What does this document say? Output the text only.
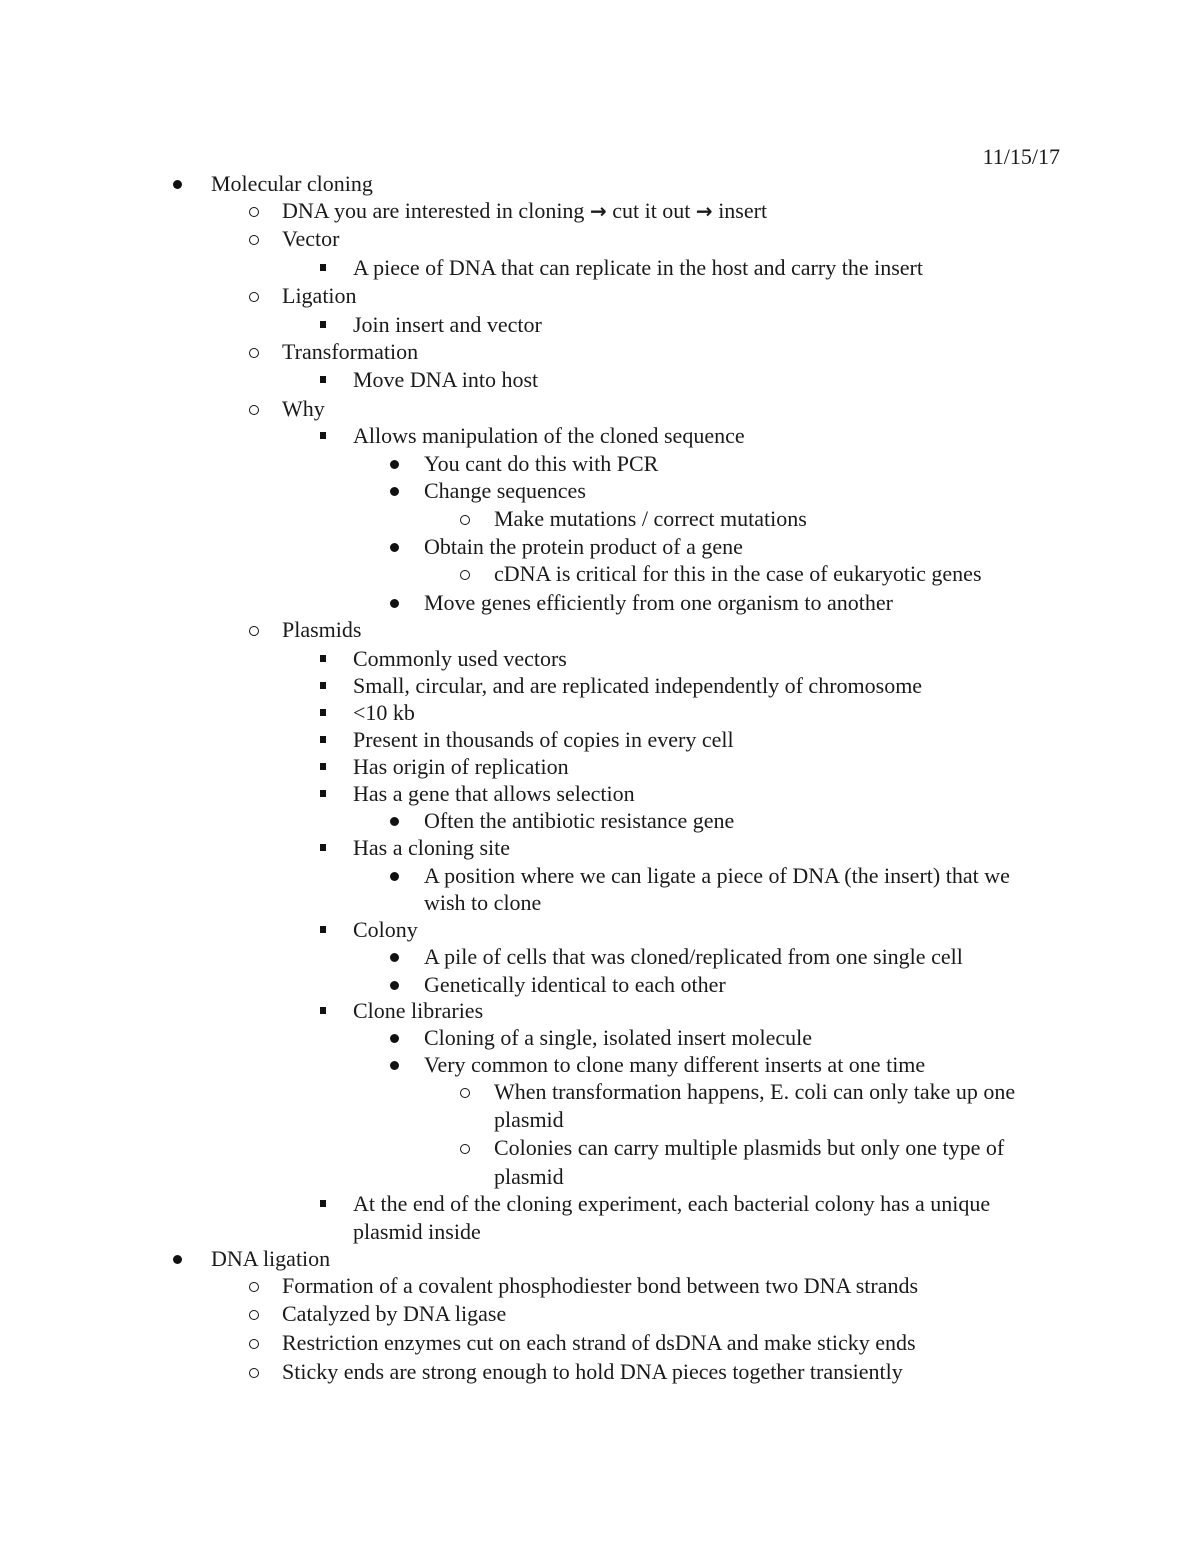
11/15/17
Molecular cloning
DNA you are interested in cloning → cut it out → insert
Vector
A piece of DNA that can replicate in the host and carry the insert
Ligation
Join insert and vector
Transformation
Move DNA into host
Why
Allows manipulation of the cloned sequence
You cant do this with PCR
Change sequences
Make mutations / correct mutations
Obtain the protein product of a gene
cDNA is critical for this in the case of eukaryotic genes
Move genes efficiently from one organism to another
Plasmids
Commonly used vectors
Small, circular, and are replicated independently of chromosome
<10 kb
Present in thousands of copies in every cell
Has origin of replication
Has a gene that allows selection
Often the antibiotic resistance gene
Has a cloning site
A position where we can ligate a piece of DNA (the insert) that we
wish to clone
Colony
A pile of cells that was cloned/replicated from one single cell
Genetically identical to each other
Clone libraries
Cloning of a single, isolated insert molecule
Very common to clone many different inserts at one time
When transformation happens, E. coli can only take up one
plasmid
Colonies can carry multiple plasmids but only one type of
plasmid
At the end of the cloning experiment, each bacterial colony has a unique
plasmid inside
DNA ligation
Formation of a covalent phosphodiester bond between two DNA strands
Catalyzed by DNA ligase
Restriction enzymes cut on each strand of dsDNA and make sticky ends
Sticky ends are strong enough to hold DNA pieces together transiently
